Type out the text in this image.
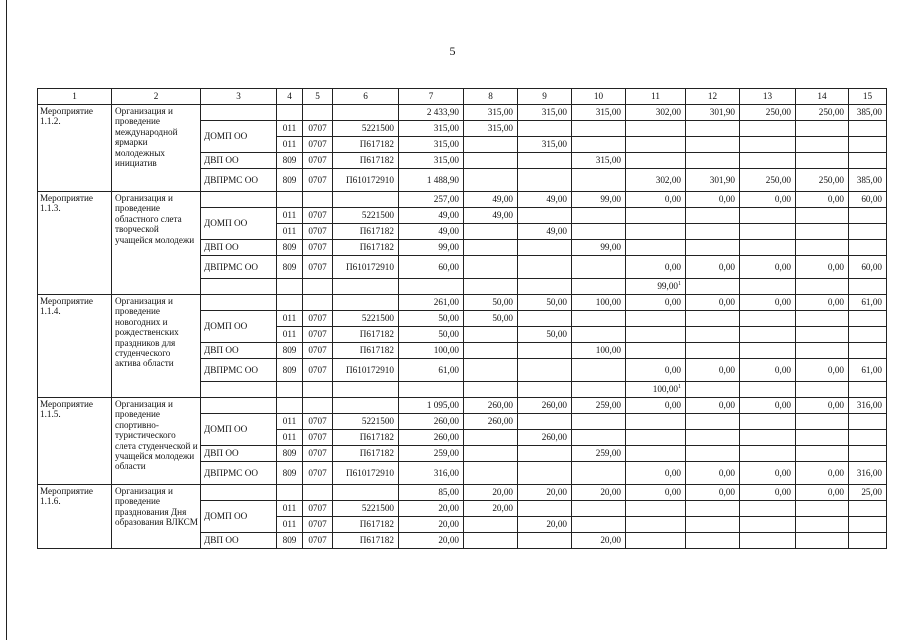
5
1	2	3	4	5	6	7	8	9	10	11	12	13	14	15
Мероприятие 1.1.2.	Организация и проведение международной ярмарки молодежных инициатив					2 433,90	315,00	315,00	315,00	302,00	301,90	250,00	250,00	385,00
		ДОМП ОО	011	0707	5221500	315,00	315,00							
			011	0707	П617182	315,00		315,00						
		ДВП ОО	809	0707	П617182	315,00			315,00					
		ДВПРМС ОО	809	0707	П610172910	1 488,90				302,00	301,90	250,00	250,00	385,00
Мероприятие 1.1.3.	Организация и проведение областного слета творческой учащейся молодежи					257,00	49,00	49,00	99,00	0,00	0,00	0,00	0,00	60,00
		ДОМП ОО	011	0707	5221500	49,00	49,00							
			011	0707	П617182	49,00		49,00						
		ДВП ОО	809	0707	П617182	99,00			99,00					
		ДВПРМС ОО	809	0707	П610172910	60,00				0,00	0,00	0,00	0,00	60,00
										99,00$^1$				
Мероприятие 1.1.4.	Организация и проведение новогодних и рождественских праздников для студенческого актива области					261,00	50,00	50,00	100,00	0,00	0,00	0,00	0,00	61,00
		ДОМП ОО	011	0707	5221500	50,00	50,00							
			011	0707	П617182	50,00		50,00						
		ДВП ОО	809	0707	П617182	100,00			100,00					
		ДВПРМС ОО	809	0707	П610172910	61,00				0,00	0,00	0,00	0,00	61,00
										100,00$^1$				
Мероприятие 1.1.5.	Организация и проведение спортивно-туристического слета студенческой и учащейся молодежи области					1 095,00	260,00	260,00	259,00	0,00	0,00	0,00	0,00	316,00
		ДОМП ОО	011	0707	5221500	260,00	260,00							
			011	0707	П617182	260,00		260,00						
		ДВП ОО	809	0707	П617182	259,00			259,00					
		ДВПРМС ОО	809	0707	П610172910	316,00				0,00	0,00	0,00	0,00	316,00
Мероприятие 1.1.6.	Организация и проведение празднования Дня образования ВЛКСМ					85,00	20,00	20,00	20,00	0,00	0,00	0,00	0,00	25,00
		ДОМП ОО	011	0707	5221500	20,00	20,00							
			011	0707	П617182	20,00		20,00						
		ДВП ОО	809	0707	П617182	20,00			20,00					
